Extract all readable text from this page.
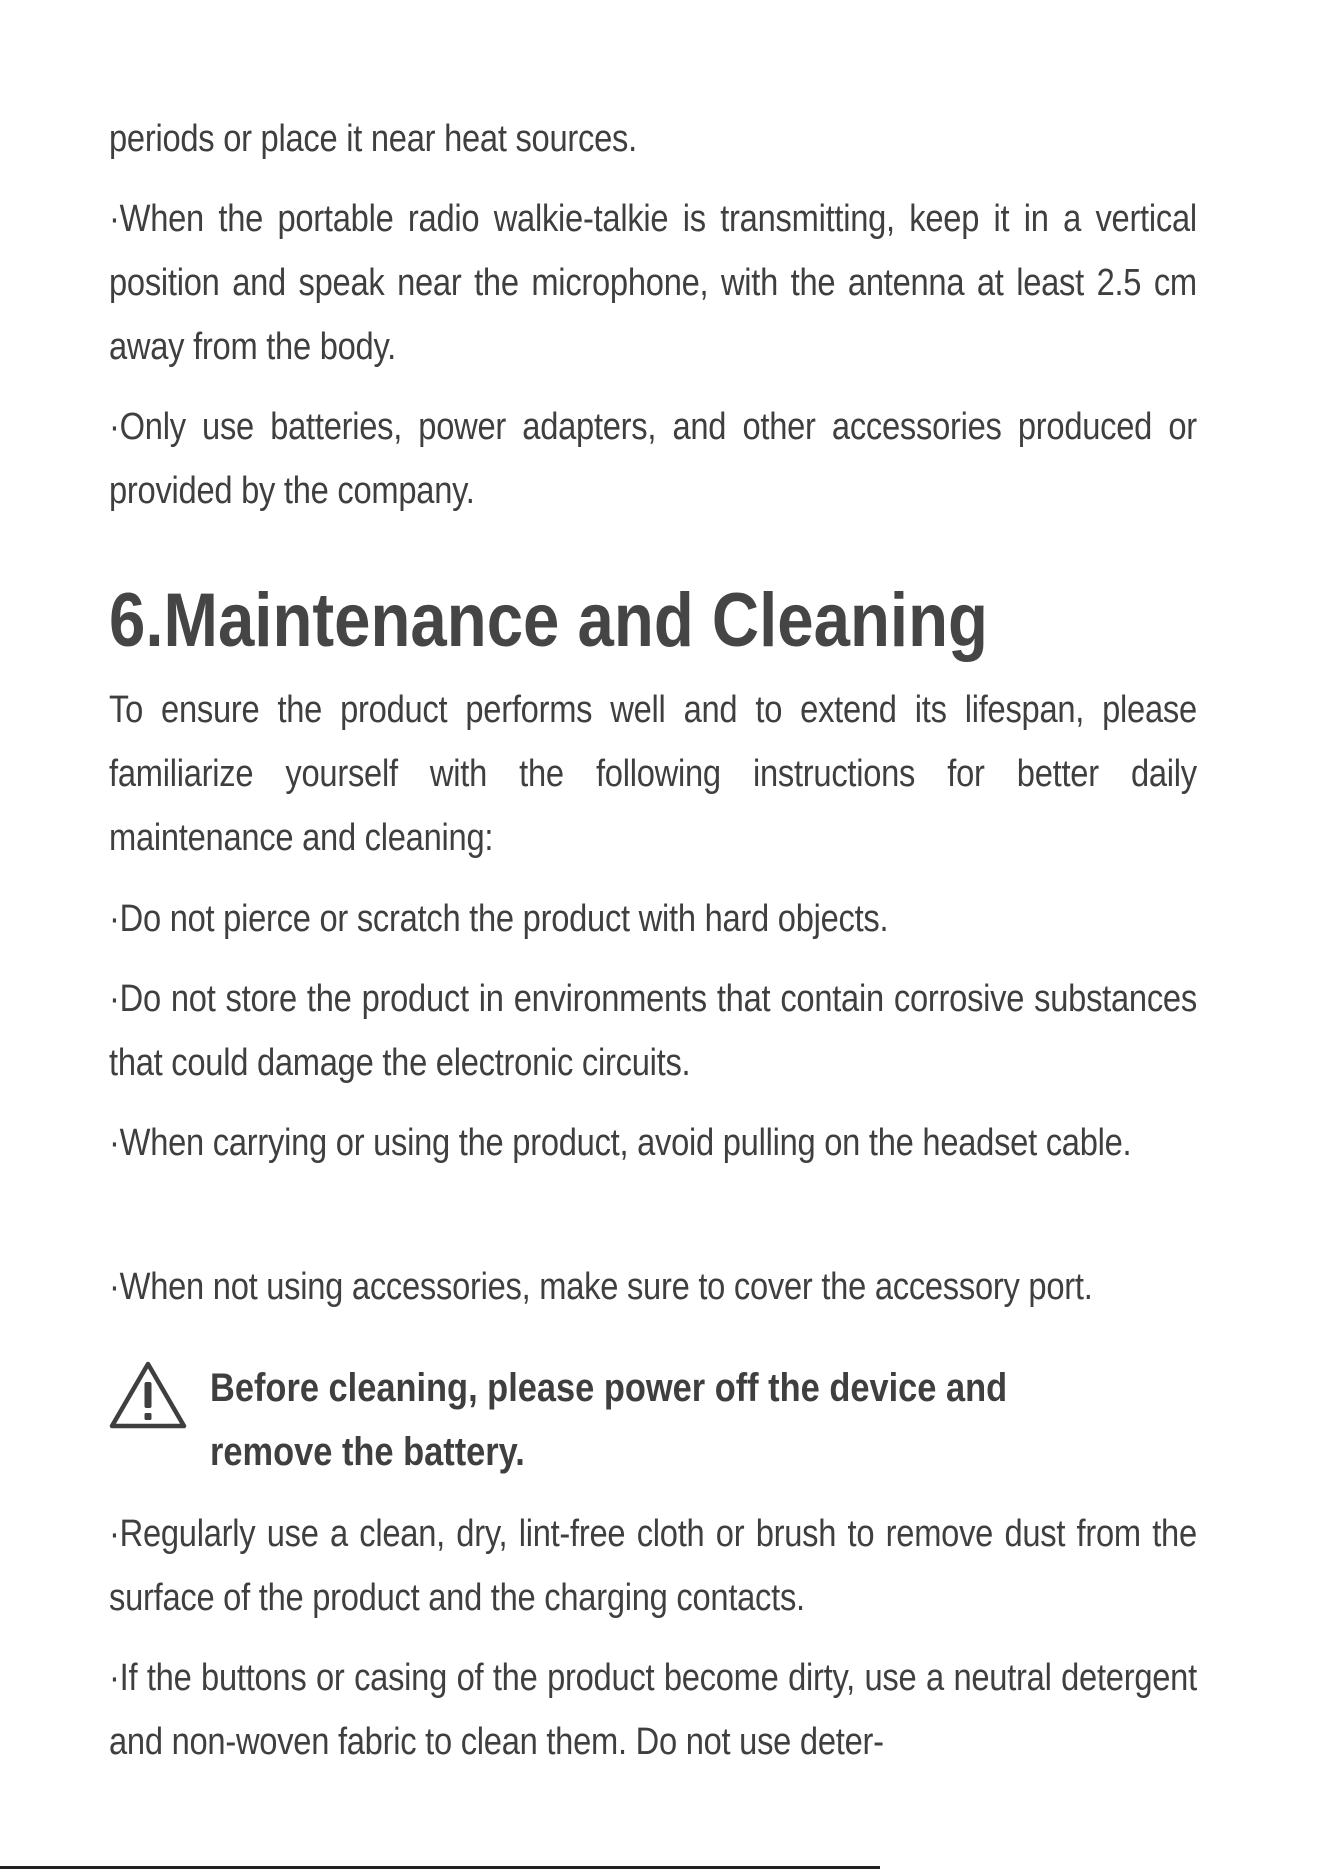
periods or place it near heat sources.
·When the portable radio walkie-talkie is transmitting, keep it in a vertical position and speak near the microphone, with the antenna at least 2.5 cm away from the body.
·Only use batteries, power adapters, and other accessories produced or provided by the company.
6.Maintenance and Cleaning
To ensure the product performs well and to extend its lifespan, please familiarize yourself with the following instructions for better daily maintenance and cleaning:
·Do not pierce or scratch the product with hard objects.
·Do not store the product in environments that contain corrosive substances that could damage the electronic circuits.
·When carrying or using the product, avoid pulling on the headset cable.
·When not using accessories, make sure to cover the accessory port.
Before cleaning, please power off the device and
remove the battery.
·Regularly use a clean, dry, lint-free cloth or brush to remove dust from the surface of the product and the charging contacts.
·If the buttons or casing of the product become dirty, use a neutral detergent and non-woven fabric to clean them. Do not use deter-
